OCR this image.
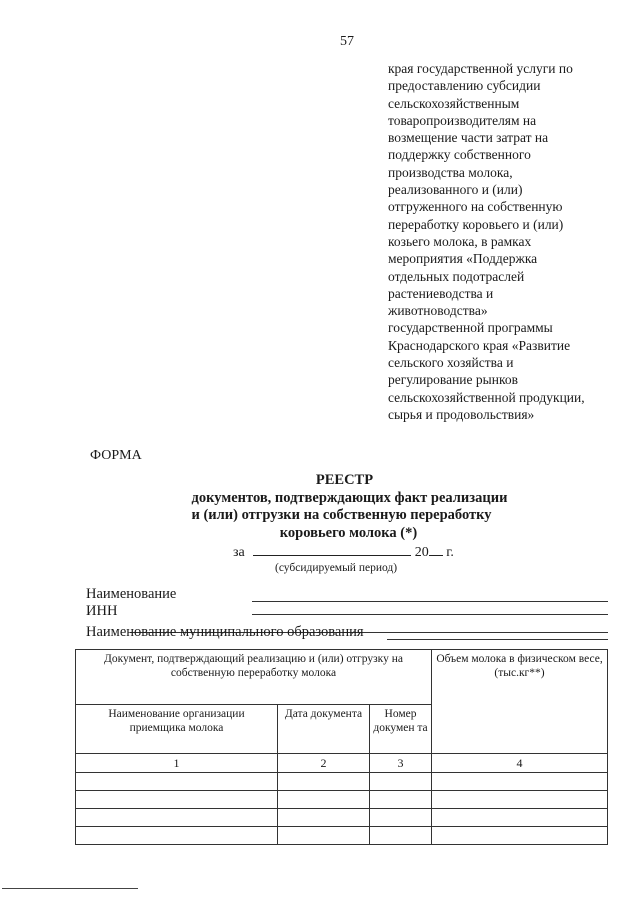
57
края государственной услуги по
предоставлению субсидии
сельскохозяйственным
товаропроизводителям на
возмещение части затрат на
поддержку собственного
производства молока,
реализованного и (или)
отгруженного на собственную
переработку коровьего и (или)
козьего молока, в рамках
мероприятия «Поддержка
отдельных подотраслей
растениеводства и
животноводства»
государственной программы
Краснодарского края «Развитие
сельского хозяйства и
регулирование рынков
сельскохозяйственной продукции,
сырья и продовольствия»
ФОРМА
РЕЕСТР
документов, подтверждающих факт реализации
и (или) отгрузки на собственную переработку
коровьего молока (*)
за	20 г.
(субсидируемый период)
Наименование
ИНН
Наименование муниципального образования
Документ, подтверждающий реализацию и (или) отгрузку на собственную переработку молока			Объем молока в физическом весе, (тыс.кг**)
Наименование организации приемщика молока	Дата документа	Номер докумен та	
1	2	3	4
